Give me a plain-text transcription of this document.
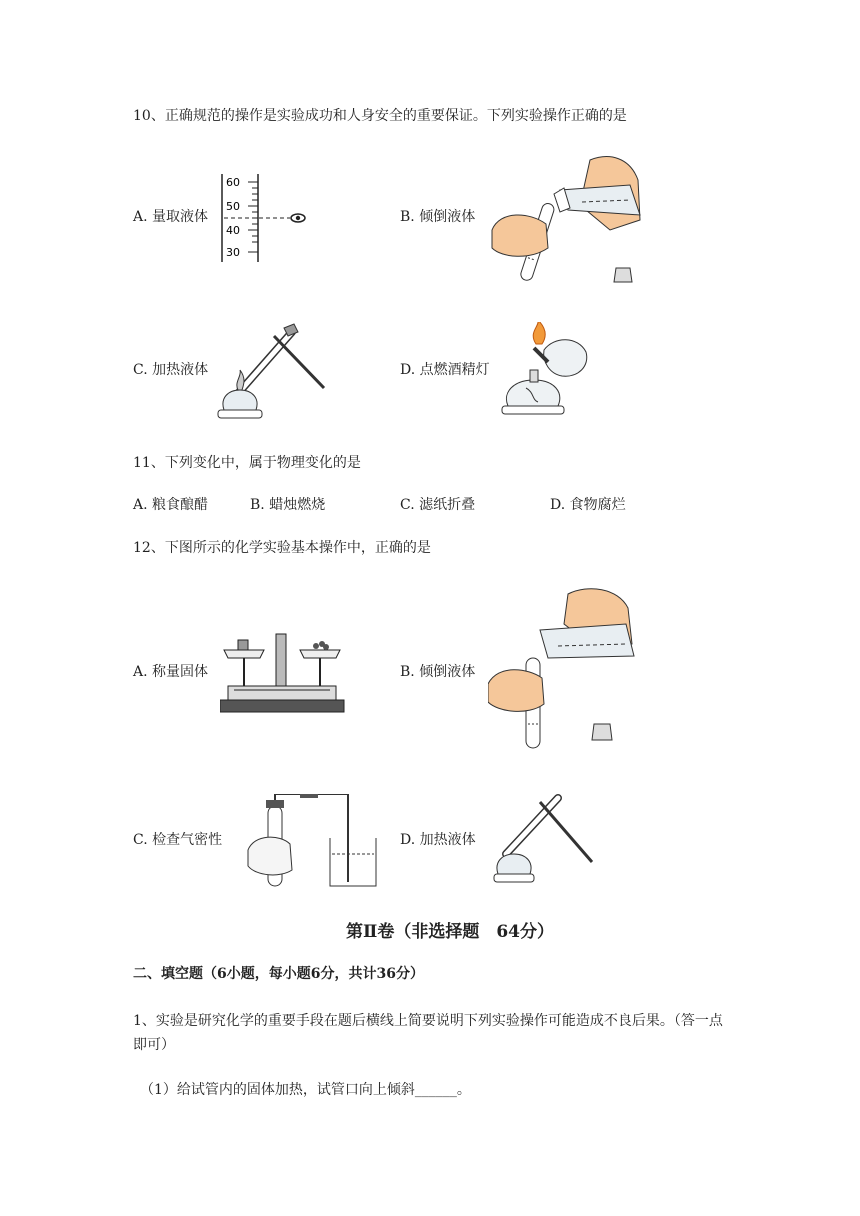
10、正确规范的操作是实验成功和人身安全的重要保证。下列实验操作正确的是
A. 量取液体
60
50
40
30
B. 倾倒液体
C. 加热液体	D. 点燃酒精灯
11、下列变化中，属于物理变化的是
A. 粮食酿醋	B. 蜡烛燃烧	C. 滤纸折叠	D. 食物腐烂
12、下图所示的化学实验基本操作中，正确的是
A. 称量固体	B. 倾倒液体
C. 检查气密性	D. 加热液体
第Ⅱ卷（非选择题　64分）
二、填空题（6小题，每小题6分，共计36分）
1、实验是研究化学的重要手段在题后横线上简要说明下列实验操作可能造成不良后果。（答一点
即可）
（1）给试管内的固体加热，试管口向上倾斜______。
